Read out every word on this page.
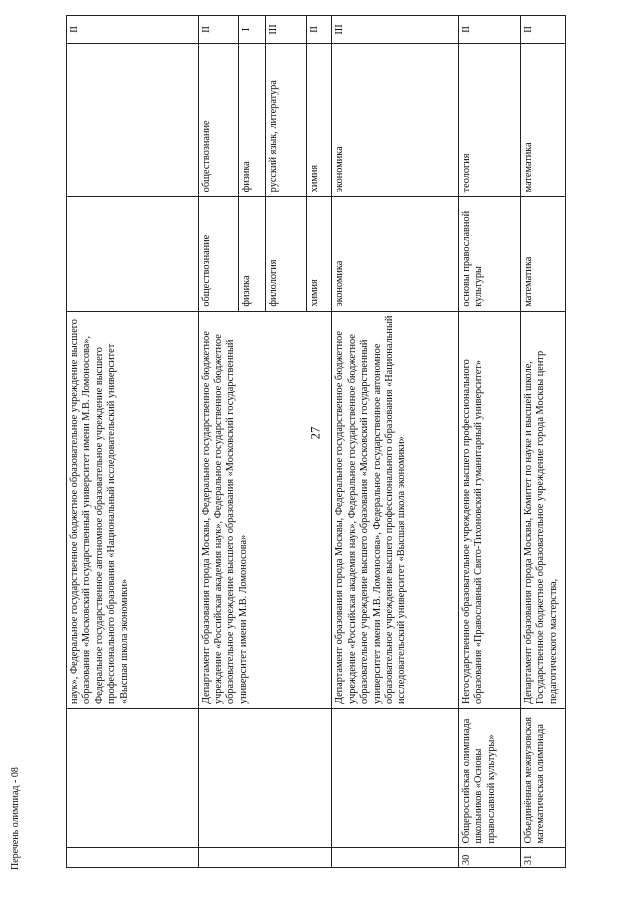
27
		наук», Федеральное государственное бюджетное образовательное учреждение высшего образования «Московский государственный университет имени М.В. Ломоносова», Федеральное государственное автономное образовательное учреждение высшего профессионального образования «Национальный исследовательский университет «Высшая школа экономики»			II
		Департамент образования города Москвы, Федеральное государственное бюджетное учреждение «Российская академия наук», Федеральное государственное бюджетное образовательное учреждение высшего образования «Московский государственный университет имени М.В. Ломоносова»	обществознание	обществознание	II
			физика	физика	I
			филология	русский язык, литература	III
			химия	химия	II
		Департамент образования города Москвы, Федеральное государственное бюджетное учреждение «Российская академия наук», Федеральное государственное бюджетное образовательное учреждение высшего образования «Московский государственный университет имени М.В. Ломоносова», Федеральное государственное автономное образовательное учреждение высшего профессионального образования «Национальный исследовательский университет «Высшая школа экономики»	экономика	экономика	III
30	Общероссийская олимпиада школьников «Основы православной культуры»	Негосударственное образовательное учреждение высшего профессионального образования «Православный Свято-Тихоновский гуманитарный университет»	основы православной культуры	теология	II
31	Объединённая межвузовская математическая олимпиада	Департамент образования города Москвы, Комитет по науке и высшей школе, Государственное бюджетное образовательное учреждение города Москвы центр педагогического мастерства,	математика	математика	II
Перечень олимпиад - 08
